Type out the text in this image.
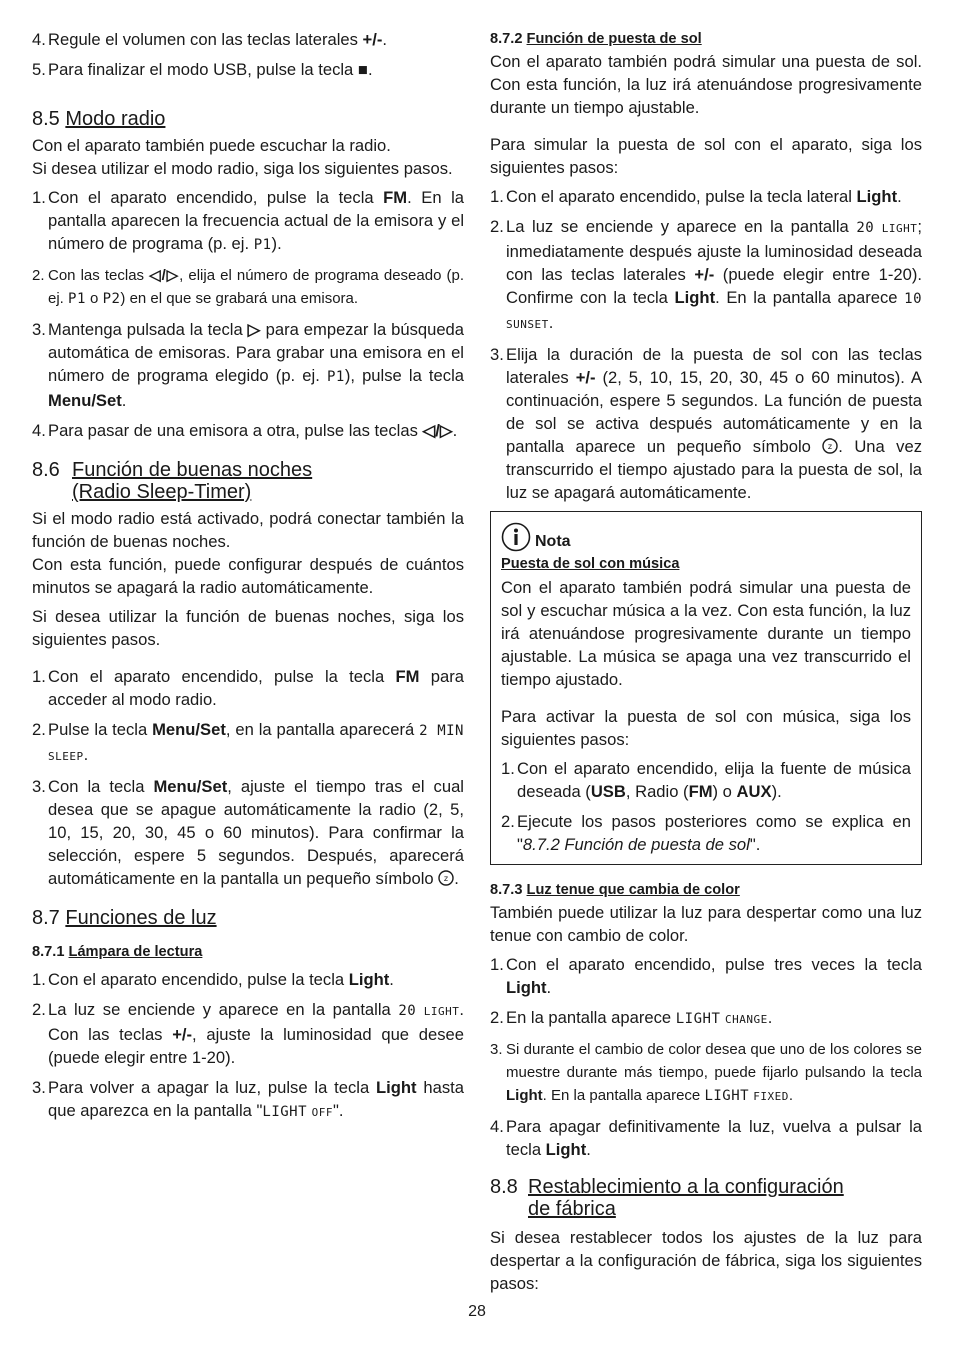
4. Regule el volumen con las teclas laterales +/-.
5. Para finalizar el modo USB, pulse la tecla ■.
8.5 Modo radio

Con el aparato también puede escuchar la radio.

Si desea utilizar el modo radio, siga los siguientes pasos.

1. Con el aparato encendido, pulse la tecla FM. En la pantalla aparecen la frecuencia actual de la emisora y el número de programa (p. ej. P1).
2. Con las teclas ◁/▷, elija el número de programa deseado (p. ej. P1 o P2) en el que se grabará una emisora.
3. Mantenga pulsada la tecla ▷ para empezar la búsqueda automática de emisoras. Para grabar una emisora en el número de programa elegido (p. ej. P1), pulse la tecla Menu/Set.
4. Para pasar de una emisora a otra, pulse las teclas ◁/▷.
8.6 Función de buenas noches
(Radio Sleep-Timer)

Si el modo radio está activado, podrá conectar también la función de buenas noches.

Con esta función, puede configurar después de cuántos minutos se apagará la radio automáticamente.

Si desea utilizar la función de buenas noches, siga los siguientes pasos.

1. Con el aparato encendido, pulse la tecla FM para acceder al modo radio.
2. Pulse la tecla Menu/Set, en la pantalla aparecerá 2 MIN SLEEP.
3. Con la tecla Menu/Set, ajuste el tiempo tras el cual desea que se apague automáticamente la radio (2, 5, 10, 15, 20, 30, 45 o 60 minutos). Para confirmar la selección, espere 5 segundos. Después, aparecerá automáticamente en la pantalla un pequeño símbolo z .
8.7 Funciones de luz
8.7.1 Lámpara de lectura
1. Con el aparato encendido, pulse la tecla Light.
2. La luz se enciende y aparece en la pantalla 20 LIGHT. Con las teclas +/-, ajuste la luminosidad que desee (puede elegir entre 1-20).
3. Para volver a apagar la luz, pulse la tecla Light hasta que aparezca en la pantalla "LIGHT OFF".
8.7.2 Función de puesta de sol

Con el aparato también podrá simular una puesta de sol. Con esta función, la luz irá atenuándose progresivamente durante un tiempo ajustable.

Para simular la puesta de sol con el aparato, siga los siguientes pasos:

1. Con el aparato encendido, pulse la tecla lateral Light.
2. La luz se enciende y aparece en la pantalla 20 LIGHT; inmediatamente después ajuste la luminosidad deseada con las teclas laterales +/- (puede elegir entre 1-20). Confirme con la tecla Light. En la pantalla aparece 10 SUNSET.
3. Elija la duración de la puesta de sol con las teclas laterales +/- (2, 5, 10, 15, 20, 30, 45 o 60 minutos). A continuación, espere 5 segundos. La función de puesta de sol se activa después automáticamente y en la pantalla aparece un pequeño símbolo z . Una vez transcurrido el tiempo ajustado para la puesta de sol, la luz se apagará automáticamente.
Nota
Puesta de sol con música

Con el aparato también podrá simular una puesta de sol y escuchar música a la vez. Con esta función, la luz irá atenuándose progresivamente durante un tiempo ajustable. La música se apaga una vez transcurrido el tiempo ajustado.

Para activar la puesta de sol con música, siga los siguientes pasos:

1. Con el aparato encendido, elija la fuente de música deseada (USB, Radio (FM) o AUX).
2. Ejecute los pasos posteriores como se explica en "8.7.2 Función de puesta de sol".
8.7.3 Luz tenue que cambia de color

También puede utilizar la luz para despertar como una luz tenue con cambio de color.

1. Con el aparato encendido, pulse tres veces la tecla Light.
2. En la pantalla aparece LIGHT CHANGE.
3. Si durante el cambio de color desea que uno de los colores se muestre durante más tiempo, puede fijarlo pulsando la tecla Light. En la pantalla aparece LIGHT FIXED.
4. Para apagar definitivamente la luz, vuelva a pulsar la tecla Light.
8.8 Restablecimiento a la configuración
de fábrica

Si desea restablecer todos los ajustes de la luz para despertar a la configuración de fábrica, siga los siguientes pasos:

28
